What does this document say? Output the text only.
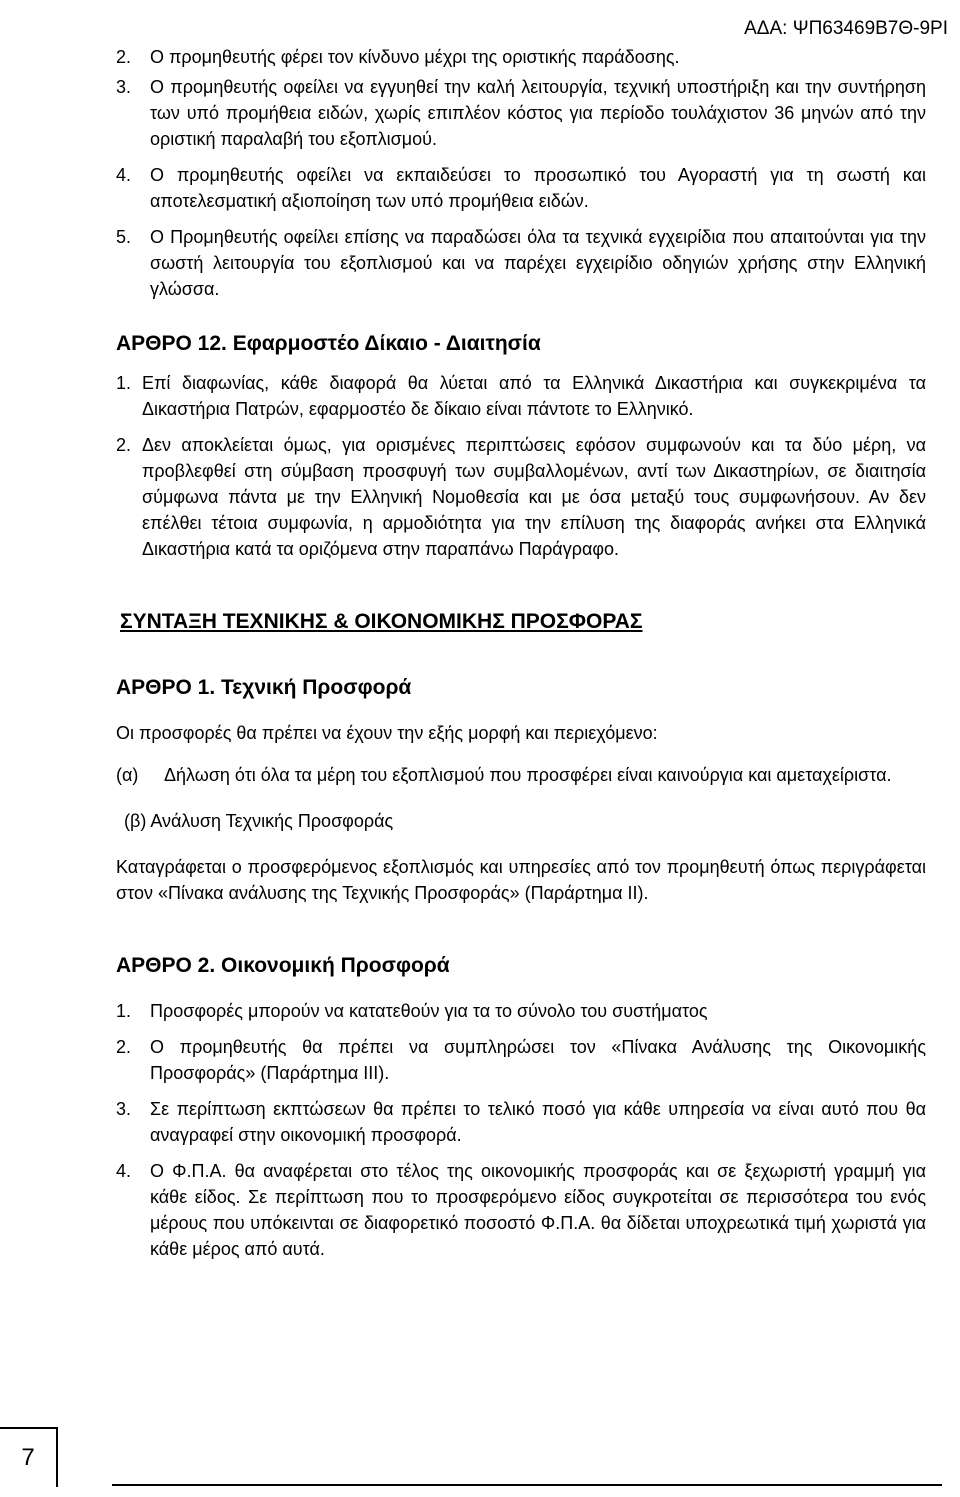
ΑΔΑ: ΨΠ63469Β7Θ-9ΡΙ
2.	Ο προμηθευτής φέρει τον κίνδυνο μέχρι της οριστικής παράδοσης.
3.	Ο προμηθευτής οφείλει να εγγυηθεί την καλή λειτουργία, τεχνική υποστήριξη και την συντήρηση των υπό προμήθεια ειδών, χωρίς επιπλέον κόστος για περίοδο τουλάχιστον 36 μηνών από την οριστική παραλαβή του εξοπλισμού.
4.	Ο προμηθευτής οφείλει να εκπαιδεύσει το προσωπικό του Αγοραστή για τη σωστή και αποτελεσματική αξιοποίηση των υπό προμήθεια ειδών.
5.	Ο Προμηθευτής οφείλει επίσης να παραδώσει όλα τα τεχνικά εγχειρίδια που απαιτούνται για την σωστή λειτουργία του εξοπλισμού και να παρέχει εγχειρίδιο οδηγιών χρήσης στην Ελληνική γλώσσα.
ΑΡΘΡΟ 12. Εφαρμοστέο Δίκαιο - Διαιτησία
1. Επί διαφωνίας, κάθε διαφορά θα λύεται από τα Ελληνικά Δικαστήρια και συγκεκριμένα τα Δικαστήρια Πατρών, εφαρμοστέο δε δίκαιο είναι πάντοτε το Ελληνικό.
2. Δεν αποκλείεται όμως, για ορισμένες περιπτώσεις εφόσον συμφωνούν και τα δύο μέρη, να προβλεφθεί στη σύμβαση προσφυγή των συμβαλλομένων, αντί των Δικαστηρίων, σε διαιτησία σύμφωνα πάντα με την Ελληνική Νομοθεσία και με όσα μεταξύ τους συμφωνήσουν. Αν δεν επέλθει τέτοια συμφωνία, η αρμοδιότητα για την επίλυση της διαφοράς ανήκει στα Ελληνικά Δικαστήρια κατά τα οριζόμενα στην παραπάνω Παράγραφο.
ΣΥΝΤΑΞΗ ΤΕΧΝΙΚΗΣ & ΟΙΚΟΝΟΜΙΚΗΣ ΠΡΟΣΦΟΡΑΣ
ΑΡΘΡΟ 1. Τεχνική Προσφορά

Οι προσφορές θα πρέπει να έχουν την εξής μορφή και περιεχόμενο:

(α)	Δήλωση ότι όλα τα μέρη του εξοπλισμού που προσφέρει είναι καινούργια και αμεταχείριστα.

(β) Ανάλυση Τεχνικής Προσφοράς

Καταγράφεται ο προσφερόμενος εξοπλισμός και υπηρεσίες από τον προμηθευτή όπως περιγράφεται στον «Πίνακα ανάλυσης της Τεχνικής Προσφοράς» (Παράρτημα ΙΙ).

ΑΡΘΡΟ 2. Οικονομική Προσφορά
1.	Προσφορές μπορούν να κατατεθούν για τα το σύνολο του συστήματος
2.	Ο προμηθευτής θα πρέπει να συμπληρώσει τον «Πίνακα Ανάλυσης της Οικονομικής Προσφοράς» (Παράρτημα ΙΙΙ).
3.	Σε περίπτωση εκπτώσεων θα πρέπει το τελικό ποσό για κάθε υπηρεσία να είναι αυτό που θα αναγραφεί στην οικονομική προσφορά.
4.	Ο Φ.Π.Α. θα αναφέρεται στο τέλος της οικονομικής προσφοράς και σε ξεχωριστή γραμμή για κάθε είδος. Σε περίπτωση που το προσφερόμενο είδος συγκροτείται σε περισσότερα του ενός μέρους που υπόκεινται σε διαφορετικό ποσοστό Φ.Π.Α. θα δίδεται υποχρεωτικά τιμή χωριστά για κάθε μέρος από αυτά.
7
